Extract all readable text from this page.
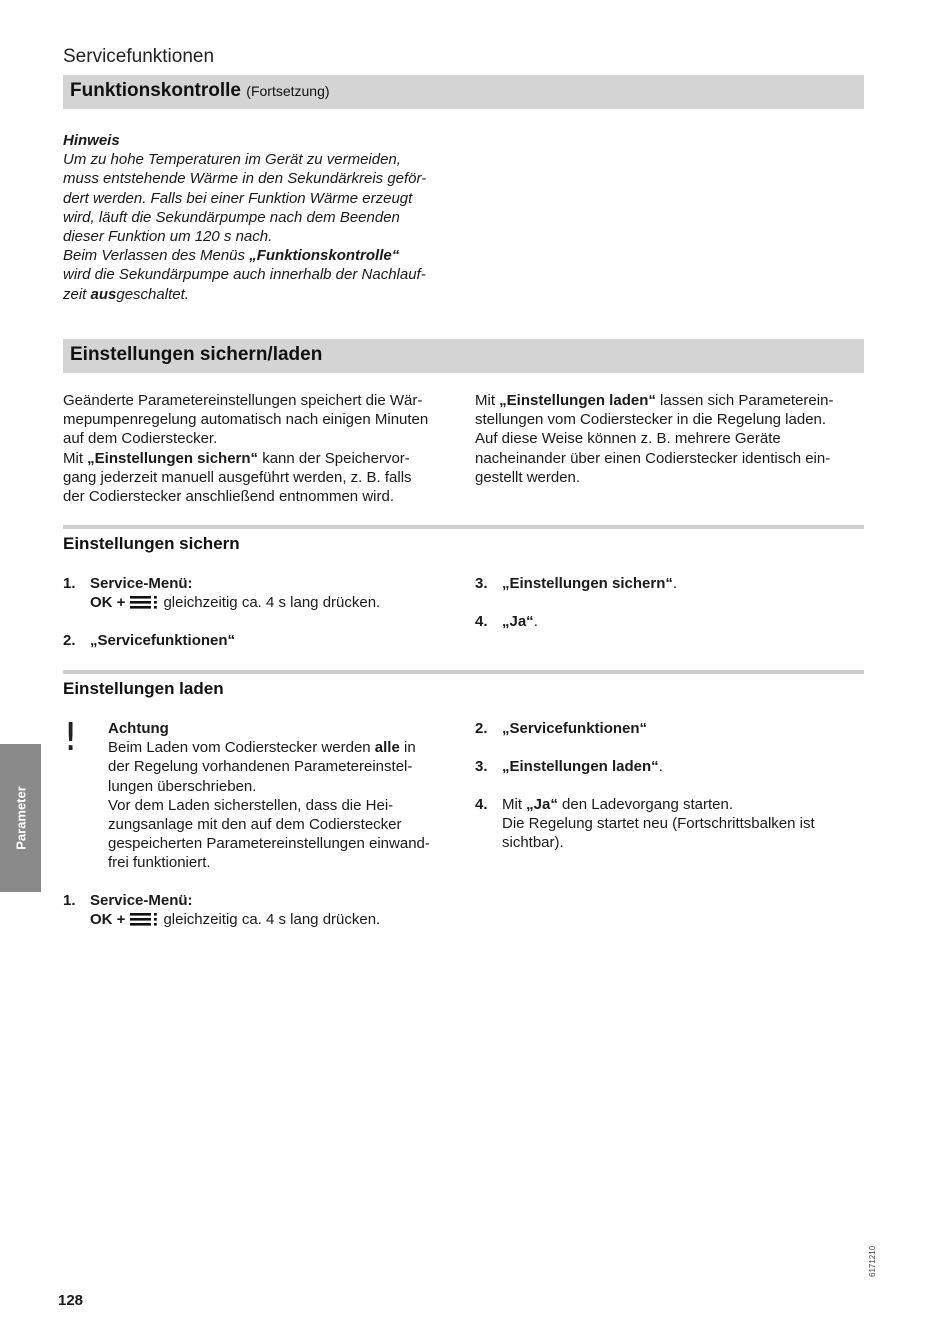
Servicefunktionen
Funktionskontrolle (Fortsetzung)

Hinweis

Um zu hohe Temperaturen im Gerät zu vermeiden,

muss entstehende Wärme in den Sekundärkreis geför-

dert werden. Falls bei einer Funktion Wärme erzeugt

wird, läuft die Sekundärpumpe nach dem Beenden

dieser Funktion um 120 s nach.

Beim Verlassen des Menüs „Funktionskontrolle“

wird die Sekundärpumpe auch innerhalb der Nachlauf-

zeit ausgeschaltet.

Einstellungen sichern/laden

Geänderte Parametereinstellungen speichert die Wär-

mepumpenregelung automatisch nach einigen Minuten

auf dem Codierstecker.

Mit „Einstellungen sichern“ kann der Speichervor-

gang jederzeit manuell ausgeführt werden, z. B. falls

der Codierstecker anschließend entnommen wird.

Mit „Einstellungen laden“ lassen sich Parameterein-

stellungen vom Codierstecker in die Regelung laden.

Auf diese Weise können z. B. mehrere Geräte

nacheinander über einen Codierstecker identisch ein-

gestellt werden.

Einstellungen sichern
1. Service-Menü:

OK +	gleichzeitig ca. 4 s lang drücken.

2. „Servicefunktionen“

3. „Einstellungen sichern“.

4. „Ja“.

Einstellungen laden
! Achtung

Beim Laden vom Codierstecker werden alle in

der Regelung vorhandenen Parametereinstel-

lungen überschrieben.

Vor dem Laden sicherstellen, dass die Hei-

zungsanlage mit den auf dem Codierstecker

gespeicherten Parametereinstellungen einwand-

frei funktioniert.

1. Service-Menü:

OK +	gleichzeitig ca. 4 s lang drücken.

2. „Servicefunktionen“

3. „Einstellungen laden“.

4. Mit „Ja“ den Ladevorgang starten.

Die Regelung startet neu (Fortschrittsbalken ist

sichtbar).

Parameter
128
6171210
